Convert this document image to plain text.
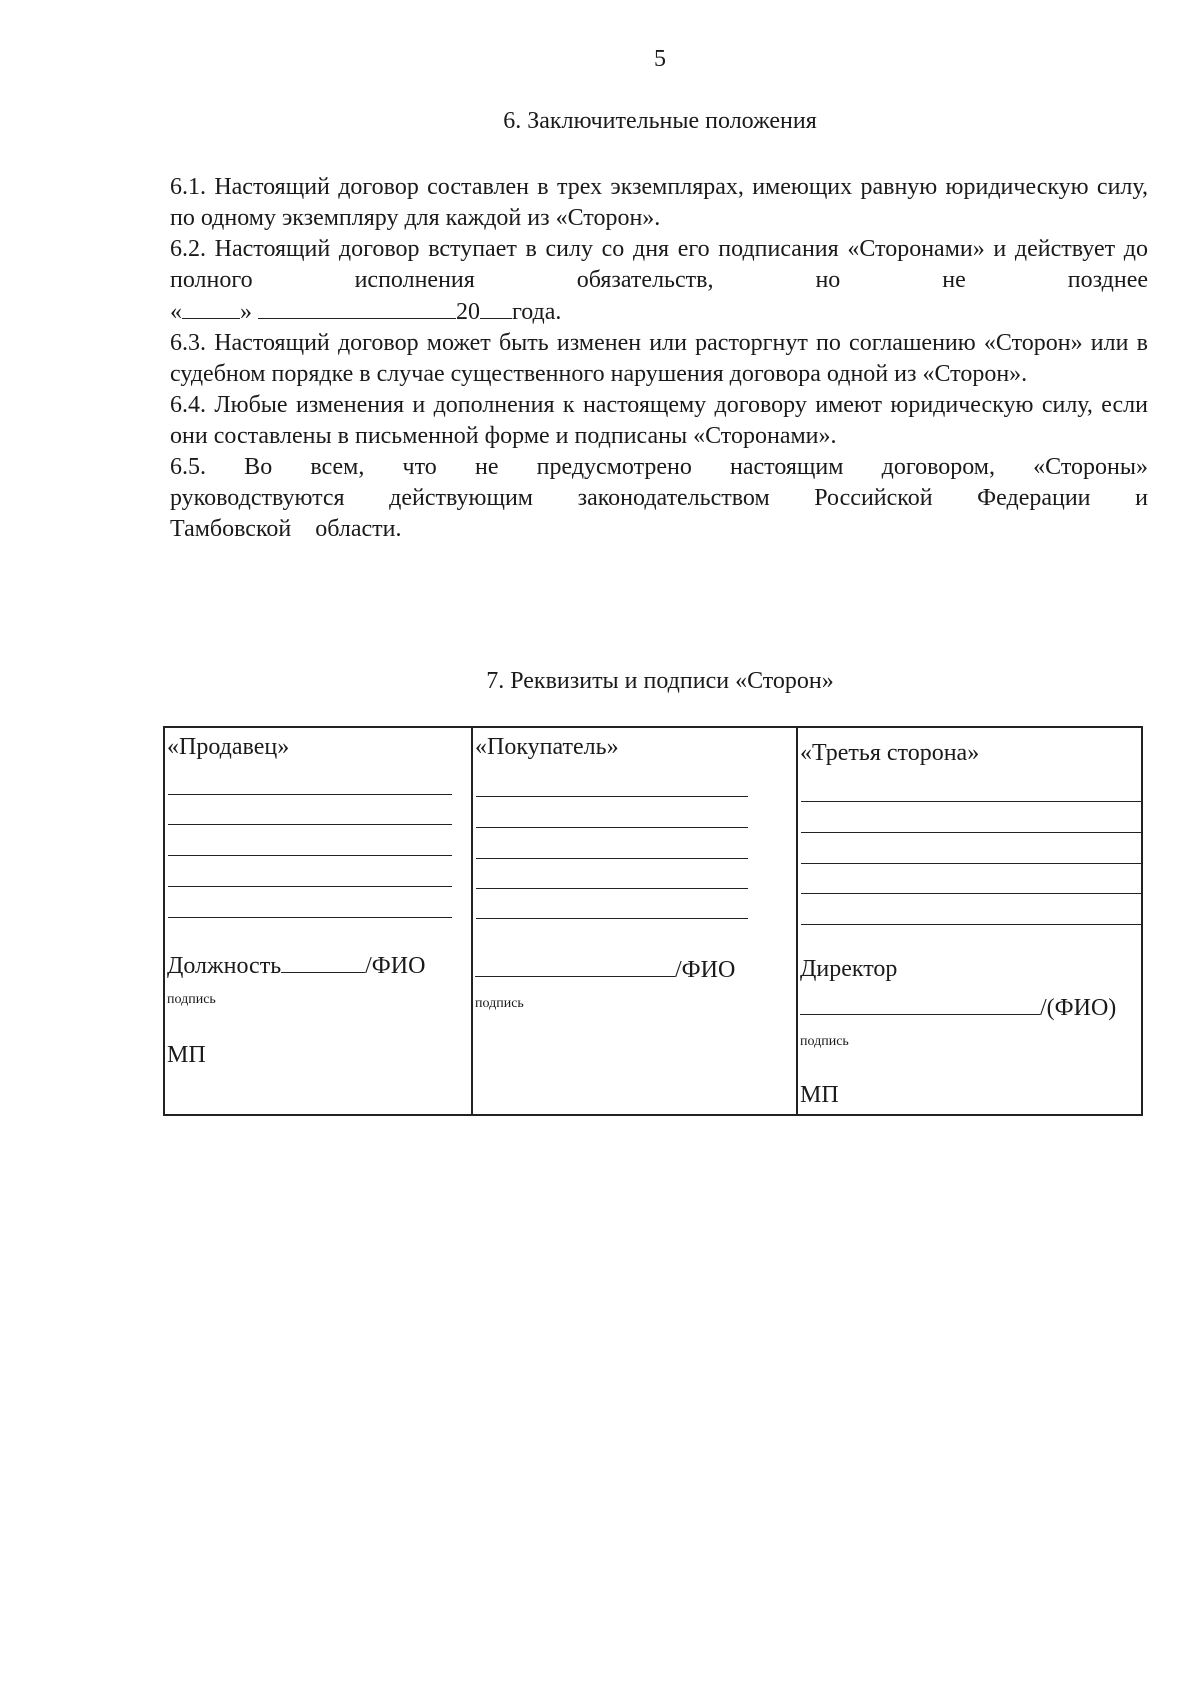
5
6. Заключительные положения

6.1. Настоящий договор составлен в трех экземплярах, имеющих равную юридическую силу, по одному экземпляру для каждой из «Сторон».

6.2. Настоящий договор вступает в силу со дня его подписания «Сторонами» и действует до полного исполнения обязательств, но не позднее

« »	20 года.

6.3. Настоящий договор может быть изменен или расторгнут по соглашению «Сторон» или в судебном порядке в случае существенного нарушения договора одной из «Сторон».

6.4. Любые изменения и дополнения к настоящему договору имеют юридическую силу, если они составлены в письменной форме и подписаны «Сторонами».

6.5. Во всем, что не предусмотрено настоящим договором, «Стороны» руководствуются действующим законодательством Российской Федерации и Тамбовской области.

7. Реквизиты и подписи «Сторон»
«Продавец»
Должность	/ФИО
подпись
МП
«Покупатель»
/ФИО
подпись
«Третья сторона»
Директор
/(ФИО)
подпись
МП
